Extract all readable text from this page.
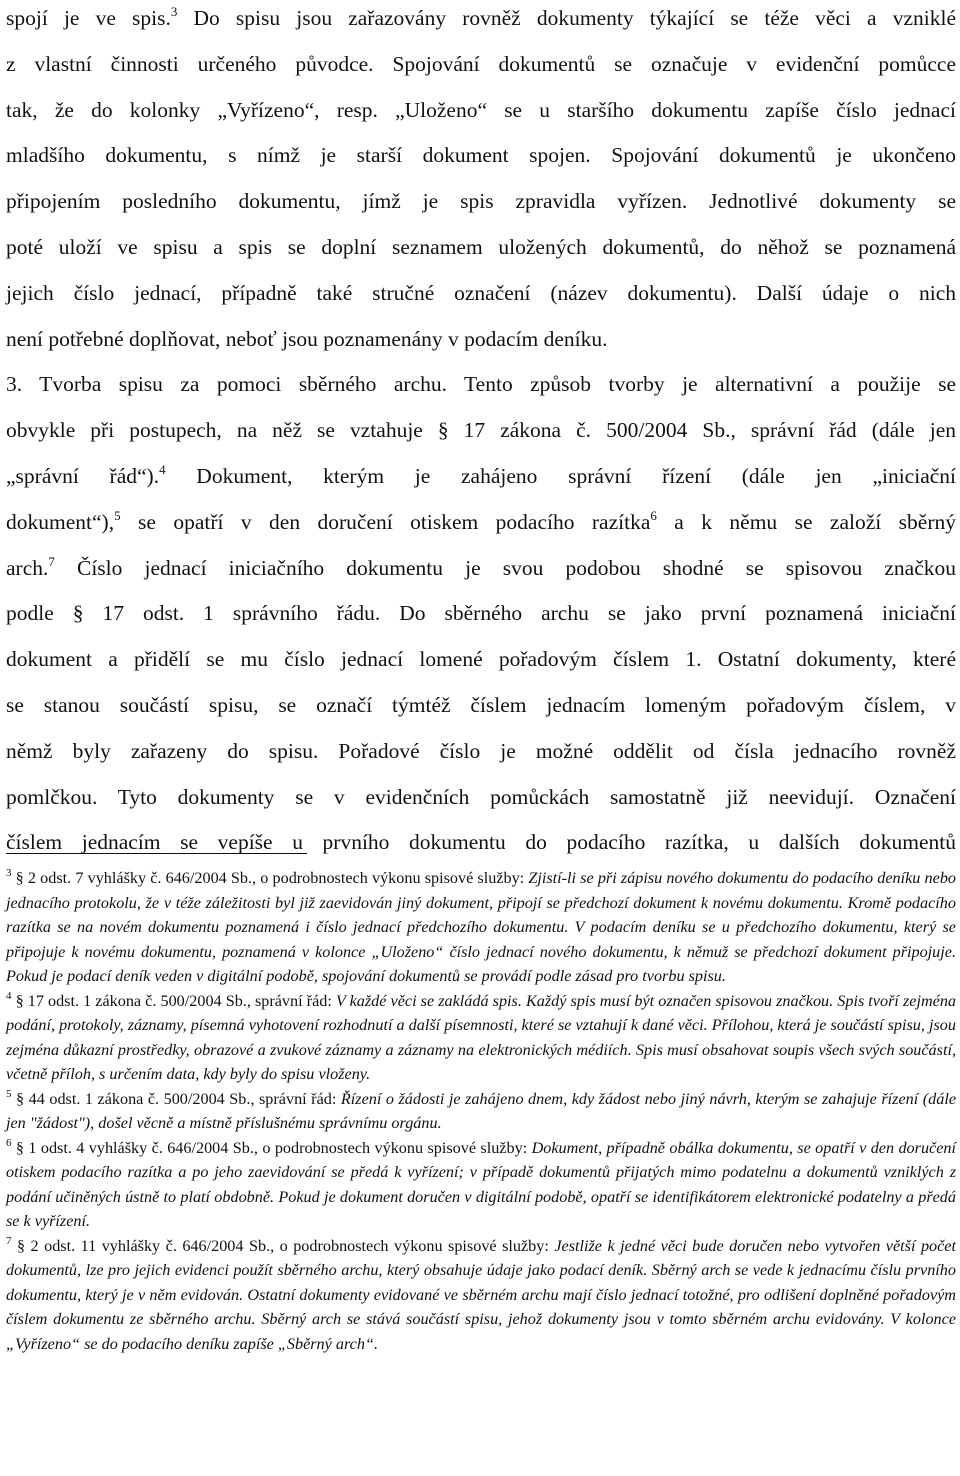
spojí je ve spis.$^3$ Do spisu jsou zařazovány rovněž dokumenty týkající se téže věci a vzniklé
z vlastní činnosti určeného původce. Spojování dokumentů se označuje v evidenční pomůcce
tak, že do kolonky „Vyřízeno“, resp. „Uloženo“ se u staršího dokumentu zapíše číslo jednací
mladšího dokumentu, s nímž je starší dokument spojen. Spojování dokumentů je ukončeno
připojením posledního dokumentu, jímž je spis zpravidla vyřízen. Jednotlivé dokumenty se
poté uloží ve spisu a spis se doplní seznamem uložených dokumentů, do něhož se poznamená
jejich číslo jednací, případně také stručné označení (název dokumentu). Další údaje o nich
není potřebné doplňovat, neboť jsou poznamenány v podacím deníku.
3. Tvorba spisu za pomoci sběrného archu. Tento způsob tvorby je alternativní a použije se
obvykle při postupech, na něž se vztahuje § 17 zákona č. 500/2004 Sb., správní řád (dále jen
„správní řád“).$^4$ Dokument, kterým je zahájeno správní řízení (dále jen „iniciační
dokument“),$^5$ se opatří v den doručení otiskem podacího razítka$^6$ a k němu se založí sběrný
arch.$^7$ Číslo jednací iniciačního dokumentu je svou podobou shodné se spisovou značkou
podle § 17 odst. 1 správního řádu. Do sběrného archu se jako první poznamená iniciační
dokument a přidělí se mu číslo jednací lomené pořadovým číslem 1. Ostatní dokumenty, které
se stanou součástí spisu, se označí týmtéž číslem jednacím lomeným pořadovým číslem, v
němž byly zařazeny do spisu. Pořadové číslo je možné oddělit od čísla jednacího rovněž
pomlčkou. Tyto dokumenty se v evidenčních pomůckách samostatně již neevidují. Označení
číslem jednacím se vepíše u prvního dokumentu do podacího razítka, u dalších dokumentů

$^3$ § 2 odst. 7 vyhlášky č. 646/2004 Sb., o podrobnostech výkonu spisové služby: Zjistí-li se při zápisu nového dokumentu do podacího deníku nebo jednacího protokolu, že v téže záležitosti byl již zaevidován jiný dokument, připojí se předchozí dokument k novému dokumentu. Kromě podacího razítka se na novém dokumentu poznamená i číslo jednací předchozího dokumentu. V podacím deníku se u předchozího dokumentu, který se připojuje k novému dokumentu, poznamená v kolonce „Uloženo“ číslo jednací nového dokumentu, k němuž se předchozí dokument připojuje. Pokud je podací deník veden v digitální podobě, spojování dokumentů se provádí podle zásad pro tvorbu spisu.

$^4$ § 17 odst. 1 zákona č. 500/2004 Sb., správní řád: V každé věci se zakládá spis. Každý spis musí být označen spisovou značkou. Spis tvoří zejména podání, protokoly, záznamy, písemná vyhotovení rozhodnutí a další písemnosti, které se vztahují k dané věci. Přílohou, která je součástí spisu, jsou zejména důkazní prostředky, obrazové a zvukové záznamy a záznamy na elektronických médiích. Spis musí obsahovat soupis všech svých součástí, včetně příloh, s určením data, kdy byly do spisu vloženy.

$^5$ § 44 odst. 1 zákona č. 500/2004 Sb., správní řád: Řízení o žádosti je zahájeno dnem, kdy žádost nebo jiný návrh, kterým se zahajuje řízení (dále jen "žádost"), došel věcně a místně příslušnému správnímu orgánu.

$^6$ § 1 odst. 4 vyhlášky č. 646/2004 Sb., o podrobnostech výkonu spisové služby: Dokument, případně obálka dokumentu, se opatří v den doručení otiskem podacího razítka a po jeho zaevidování se předá k vyřízení; v případě dokumentů přijatých mimo podatelnu a dokumentů vzniklých z podání učiněných ústně to platí obdobně. Pokud je dokument doručen v digitální podobě, opatří se identifikátorem elektronické podatelny a předá se k vyřízení.

$^7$ § 2 odst. 11 vyhlášky č. 646/2004 Sb., o podrobnostech výkonu spisové služby: Jestliže k jedné věci bude doručen nebo vytvořen větší počet dokumentů, lze pro jejich evidenci použít sběrného archu, který obsahuje údaje jako podací deník. Sběrný arch se vede k jednacímu číslu prvního dokumentu, který je v něm evidován. Ostatní dokumenty evidované ve sběrném archu mají číslo jednací totožné, pro odlišení doplněné pořadovým číslem dokumentu ze sběrného archu. Sběrný arch se stává součástí spisu, jehož dokumenty jsou v tomto sběrném archu evidovány. V kolonce „Vyřízeno“ se do podacího deníku zapíše „Sběrný arch“.
